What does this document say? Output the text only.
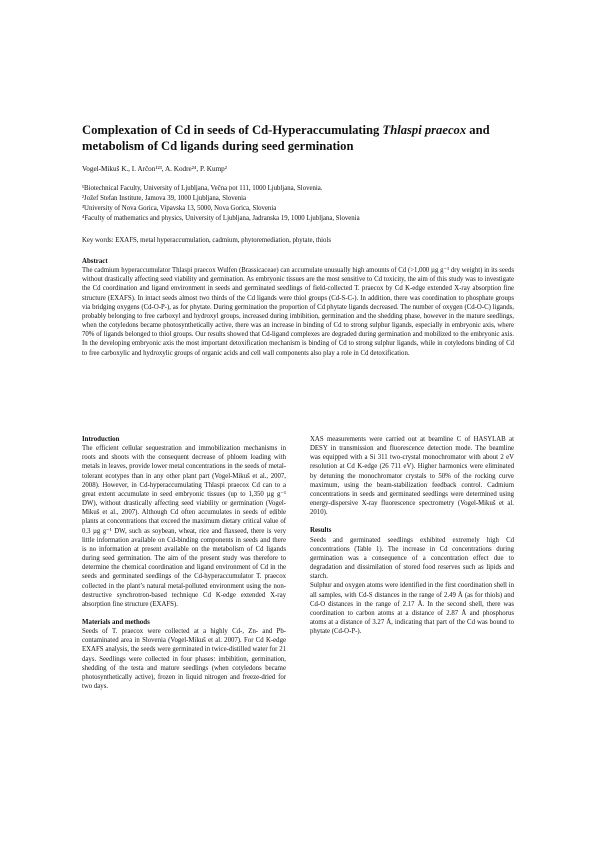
Complexation of Cd in seeds of Cd-Hyperaccumulating Thlaspi praecox and metabolism of Cd ligands during seed germination
Vogel-Mikuš K., I. Arčon¹²³, A. Kodre²⁴, P. Kump²
¹Biotechnical Faculty, University of Ljubljana, Večna pot 111, 1000 Ljubljana, Slovenia.
²Jožef Stefan Institute, Jamova 39, 1000 Ljubljana, Slovenia
³University of Nova Gorica, Vipavska 13, 5000, Nova Gorica, Slovenia
⁴Faculty of mathematics and physics, University of Ljubljana, Jadranska 19, 1000 Ljubljana, Slovenia
Key words: EXAFS, metal hyperaccumulation, cadmium, phytoremediation, phytate, thiols
Abstract

The cadmium hyperaccumulator Thlaspi praecox Wulfen (Brassicaceae) can accumulate unusually high amounts of Cd (>1,000 µg g⁻¹ dry weight) in its seeds without drastically affecting seed viability and germination. As embryonic tissues are the most sensitive to Cd toxicity, the aim of this study was to investigate the Cd coordination and ligand environment in seeds and germinated seedlings of field-collected T. praecox by Cd K-edge extended X-ray absorption fine structure (EXAFS). In intact seeds almost two thirds of the Cd ligands were thiol groups (Cd-S-C-). In addition, there was coordination to phosphate groups via bridging oxygens (Cd-O-P-), as for phytate. During germination the proportion of Cd phytate ligands decreased. The number of oxygen (Cd-O-C) ligands, probably belonging to free carboxyl and hydroxyl groups, increased during imbibition, germination and the shedding phase, however in the mature seedlings, when the cotyledons became photosynthetically active, there was an increase in binding of Cd to strong sulphur ligands, especially in embryonic axis, where 70% of ligands belonged to thiol groups. Our results showed that Cd-ligand complexes are degraded during germination and mobilized to the embryonic axis. In the developing embryonic axis the most important detoxification mechanism is binding of Cd to strong sulphur ligands, while in cotyledons binding of Cd to free carboxylic and hydroxylic groups of organic acids and cell wall components also play a role in Cd detoxification.

Introduction

The efficient cellular sequestration and immobilization mechanisms in roots and shoots with the consequent decrease of phloem loading with metals in leaves, provide lower metal concentrations in the seeds of metal-tolerant ecotypes than in any other plant part (Vogel-Mikuš et al., 2007, 2008). However, in Cd-hyperaccumulating Thlaspi praecox Cd can to a great extent accumulate in seed embryonic tissues (up to 1,350 µg g⁻¹ DW), without drastically affecting seed viability or germination (Vogel-Mikuš et al., 2007). Although Cd often accumulates in seeds of edible plants at concentrations that exceed the maximum dietary critical value of 0.3 µg g⁻¹ DW, such as soybean, wheat, rice and flaxseed, there is very little information available on Cd-binding components in seeds and there is no information at present available on the metabolism of Cd ligands during seed germination. The aim of the present study was therefore to determine the chemical coordination and ligand environment of Cd in the seeds and germinated seedlings of the Cd-hyperaccumulator T. praecox collected in the plant’s natural metal-polluted environment using the non-destructive synchrotron-based technique Cd K-edge extended X-ray absorption fine structure (EXAFS).

Materials and methods

Seeds of T. praecox were collected at a highly Cd-, Zn- and Pb-contaminated area in Slovenia (Vogel-Mikuš et al. 2007). For Cd K-edge EXAFS analysis, the seeds were germinated in twice-distilled water for 21 days. Seedlings were collected in four phases: imbibition, germination, shedding of the testa and mature seedlings (when cotyledons became photosynthetically active), frozen in liquid nitrogen and freeze-dried for two days.

XAS measurements were carried out at beamline C of HASYLAB at DESY in transmission and fluorescence detection mode. The beamline was equipped with a Si 311 two-crystal monochromator with about 2 eV resolution at Cd K-edge (26 711 eV). Higher harmonics were eliminated by detuning the monochromator crystals to 50% of the rocking curve maximum, using the beam-stabilization feedback control. Cadmium concentrations in seeds and germinated seedlings were determined using energy-dispersive X-ray fluorescence spectrometry (Vogel-Mikuš et al. 2010).

Results

Seeds and germinated seedlings exhibited extremely high Cd concentrations (Table 1). The increase in Cd concentrations during germination was a consequence of a concentration effect due to degradation and dissimilation of stored food reserves such as lipids and starch.

Sulphur and oxygen atoms were identified in the first coordination shell in all samples, with Cd-S distances in the range of 2.49 Å (as for thiols) and Cd-O distances in the range of 2.17 Å. In the second shell, there was coordination to carbon atoms at a distance of 2.87 Å and phosphorus atoms at a distance of 3.27 Å, indicating that part of the Cd was bound to phytate (Cd-O-P-).
